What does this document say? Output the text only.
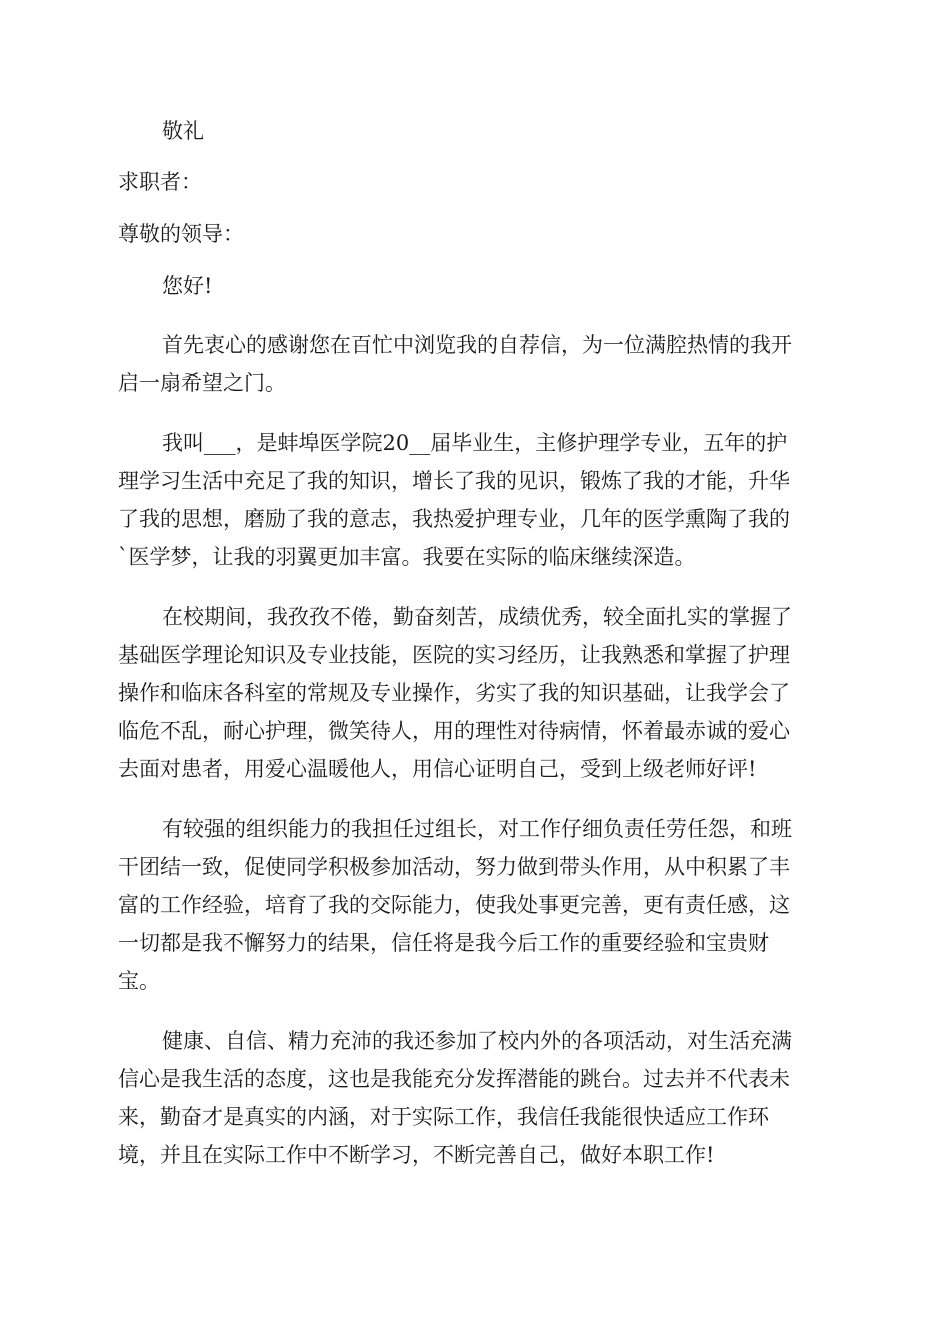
敬礼

求职者：

尊敬的领导：

您好!

首先衷心的感谢您在百忙中浏览我的自荐信，为一位满腔热情的我开
启一扇希望之门。
我叫___，是蚌埠医学院20__届毕业生，主修护理学专业，五年的护
理学习生活中充足了我的知识，增长了我的见识，锻炼了我的才能，升华
了我的思想，磨励了我的意志，我热爱护理专业，几年的医学熏陶了我的
`医学梦，让我的羽翼更加丰富。我要在实际的临床继续深造。
在校期间，我孜孜不倦，勤奋刻苦，成绩优秀，较全面扎实的掌握了
基础医学理论知识及专业技能，医院的实习经历，让我熟悉和掌握了护理
操作和临床各科室的常规及专业操作，劣实了我的知识基础，让我学会了
临危不乱，耐心护理，微笑待人，用的理性对待病情，怀着最赤诚的爱心
去面对患者，用爱心温暖他人，用信心证明自己，受到上级老师好评!
有较强的组织能力的我担任过组长，对工作仔细负责任劳任怨，和班
干团结一致，促使同学积极参加活动，努力做到带头作用，从中积累了丰
富的工作经验，培育了我的交际能力，使我处事更完善，更有责任感，这
一切都是我不懈努力的结果，信任将是我今后工作的重要经验和宝贵财
宝。
健康、自信、精力充沛的我还参加了校内外的各项活动，对生活充满
信心是我生活的态度，这也是我能充分发挥潜能的跳台。过去并不代表未
来，勤奋才是真实的内涵，对于实际工作，我信任我能很快适应工作环
境，并且在实际工作中不断学习，不断完善自己，做好本职工作!
